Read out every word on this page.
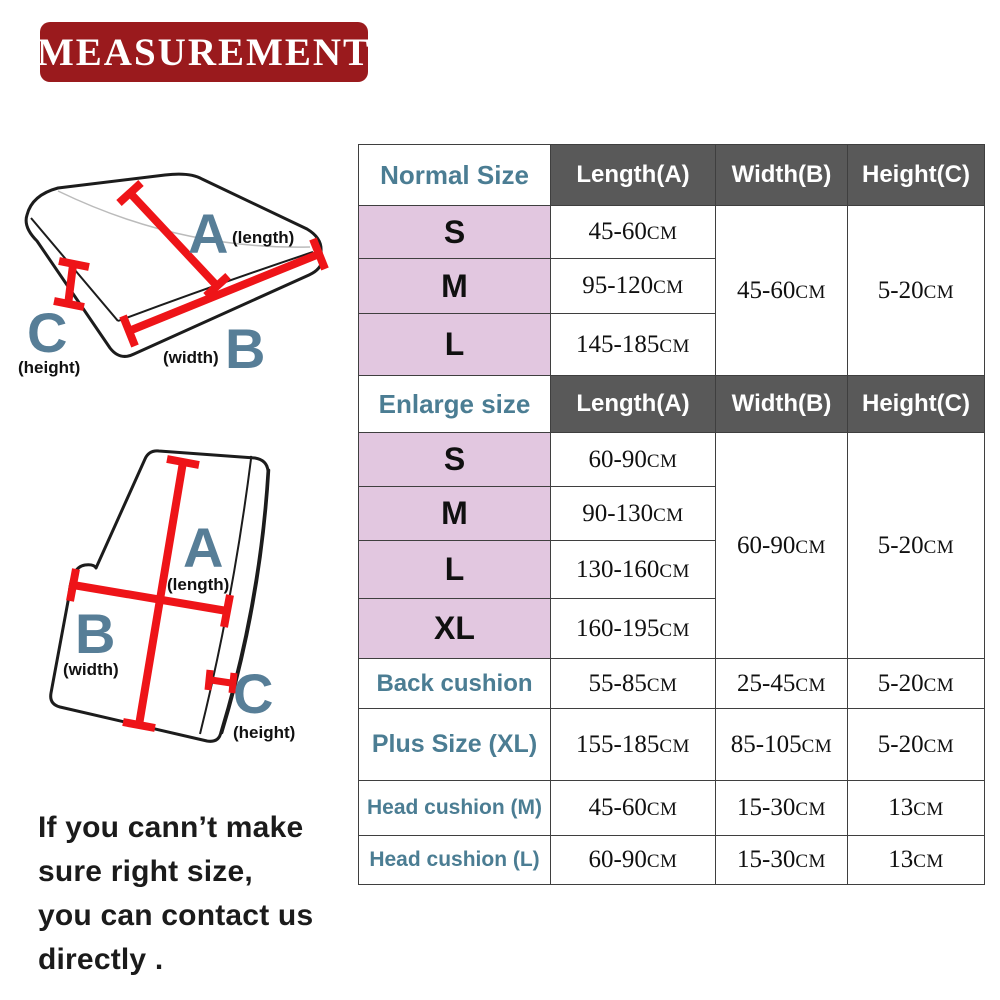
MEASUREMENT
A (length)
B
(width)
C
(height)
A
(length)
B
(width) C
(height)
If you cann’t make
sure right size,
you can contact us
directly .
Normal Size	Length(A)	Width(B)	Height(C)
S	45-60CM	45-60CM	5-20CM
M	95-120CM		
L	145-185CM		
Enlarge size	Length(A)	Width(B)	Height(C)
S	60-90CM	60-90CM	5-20CM
M	90-130CM		
L	130-160CM		
XL	160-195CM		
Back cushion	55-85CM	25-45CM	5-20CM
Plus Size (XL)	155-185CM	85-105CM	5-20CM
Head cushion (M)	45-60CM	15-30CM	13CM
Head cushion (L)	60-90CM	15-30CM	13CM
